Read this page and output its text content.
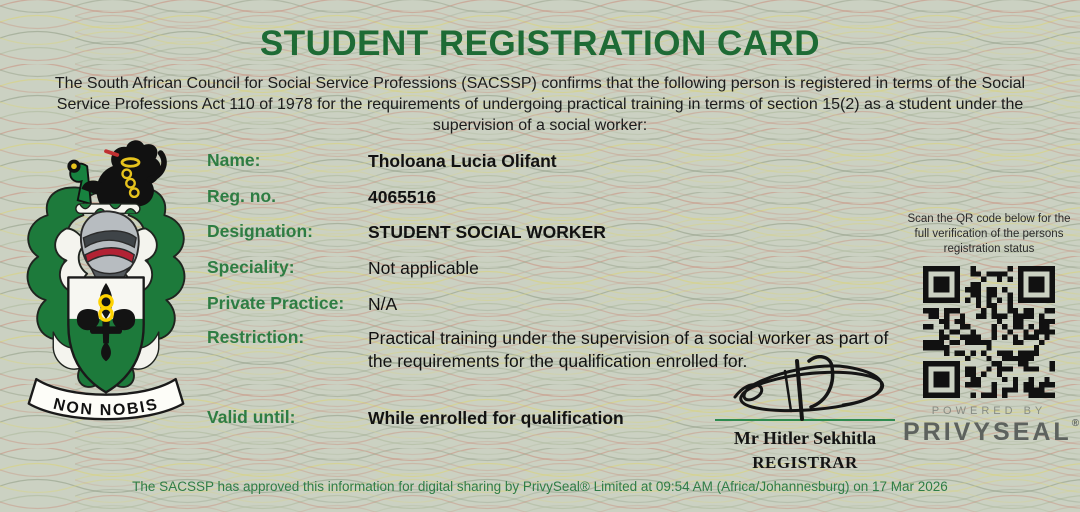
STUDENT REGISTRATION CARD
The South African Council for Social Service Professions (SACSSP) confirms that the following person is registered in terms of the Social Service Professions Act 110 of 1978 for the requirements of undergoing practical training in terms of section 15(2) as a student under the supervision of a social worker:
NON NOBIS
Name:	Tholoana Lucia Olifant
Reg. no.	4065516
Designation:	STUDENT SOCIAL WORKER
Speciality:	Not applicable
Private Practice:	N/A
Restriction:	Practical training under the supervision of a social worker as part of the requirements for the qualification enrolled for.
Valid until:	While enrolled for qualification
Scan the QR code below for the full verification of the persons registration status
POWERED BY
PRIVYSEAL®
Mr Hitler Sekhitla
REGISTRAR
The SACSSP has approved this information for digital sharing by PrivySeal® Limited at 09:54 AM (Africa/Johannesburg) on 17 Mar 2026
